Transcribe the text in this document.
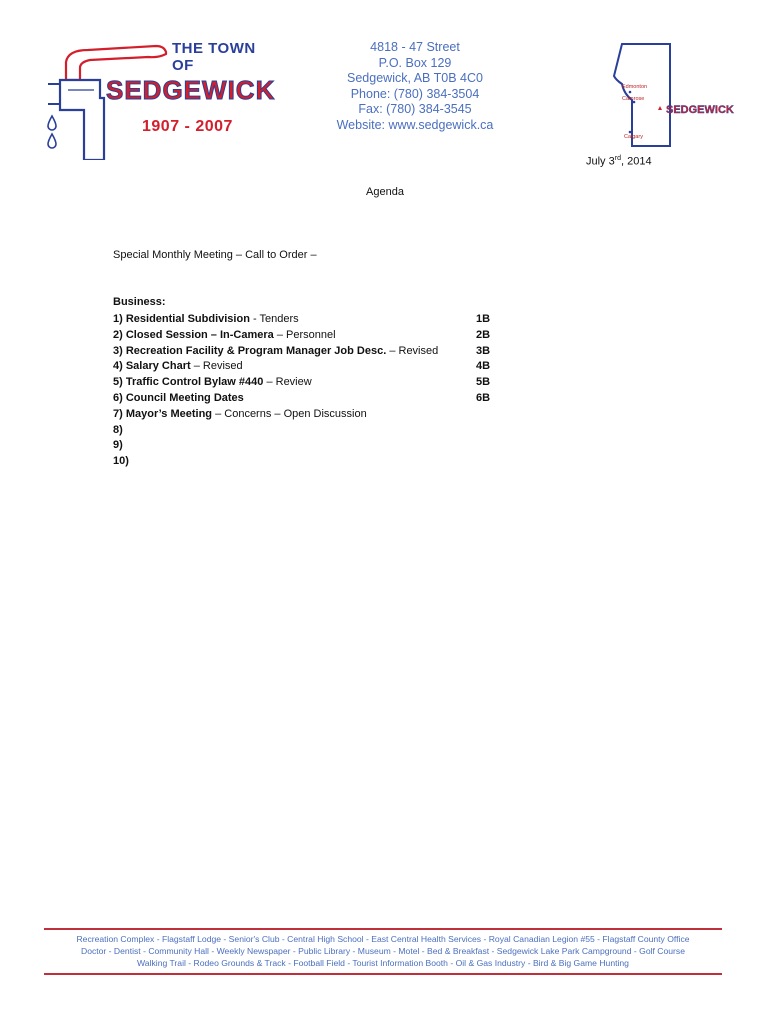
THE TOWN OF
SEDGEWICK
1907 - 2007
4818 - 47 Street
P.O. Box 129
Sedgewick, AB T0B 4C0
Phone: (780) 384-3504
Fax: (780) 384-3545
Website: www.sedgewick.ca
Edmonton
Camrose
Calgary
SEDGEWICK
July 3rd, 2014
Agenda
Special Monthly Meeting – Call to Order –
Business:
1) Residential Subdivision - Tenders	1B
2) Closed Session – In-Camera – Personnel	2B
3) Recreation Facility & Program Manager Job Desc. – Revised	3B
4) Salary Chart – Revised	4B
5) Traffic Control Bylaw #440 – Review	5B
6) Council Meeting Dates	6B
7) Mayor’s Meeting – Concerns – Open Discussion
8)
9)
10)
Recreation Complex - Flagstaff Lodge - Senior's Club - Central High School - East Central Health Services - Royal Canadian Legion #55 - Flagstaff County Office
Doctor - Dentist - Community Hall - Weekly Newspaper - Public Library - Museum - Motel - Bed & Breakfast - Sedgewick Lake Park Campground - Golf Course
Walking Trail - Rodeo Grounds & Track - Football Field - Tourist Information Booth - Oil & Gas Industry - Bird & Big Game Hunting
